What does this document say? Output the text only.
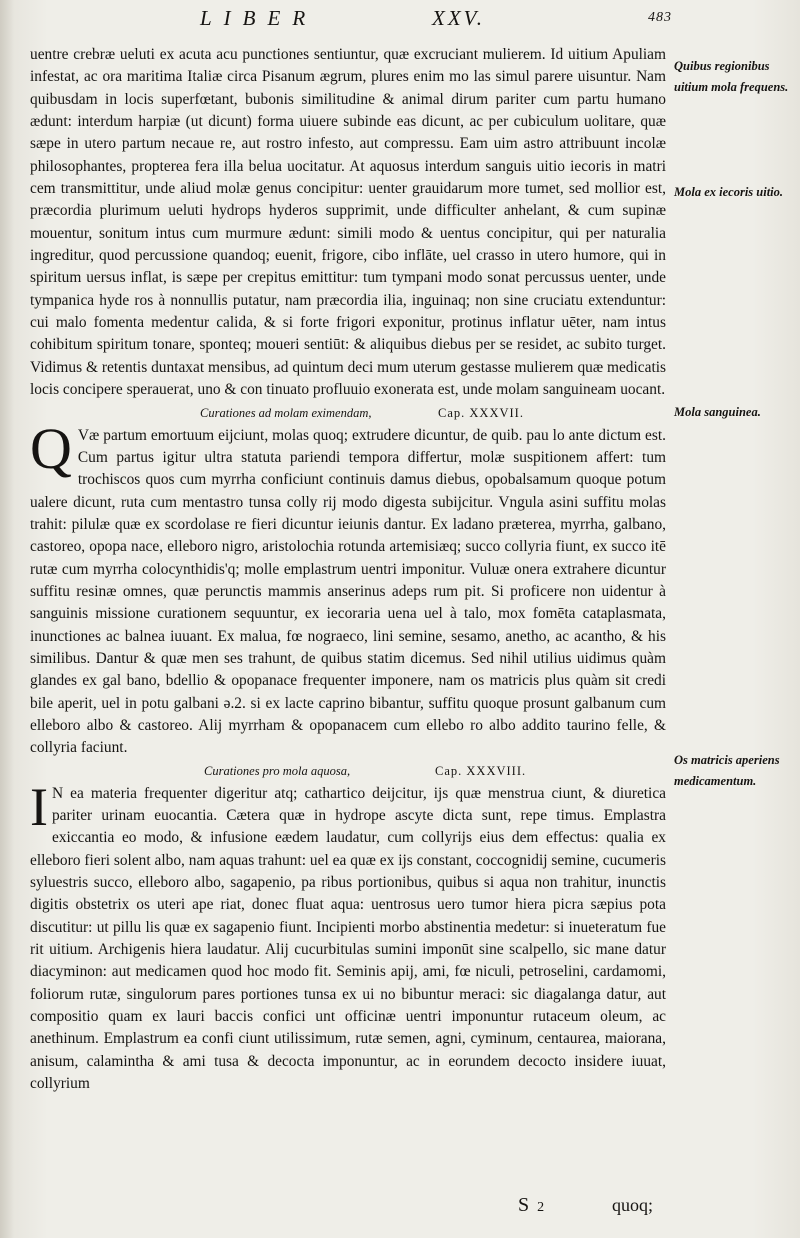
LIBER	XXV.	483

uentre crebræ ueluti ex acuta acu punctiones sentiuntur, quæ excruciant mulierem. Id uitium Apuliam infestat, ac ora maritima Italiæ circa Pisanum ægrum, plures enim mo las simul parere uisuntur. Nam quibusdam in locis superfœtant, bubonis similitudine & animal dirum pariter cum partu humano ædunt: interdum harpiæ (ut dicunt) forma uiuere subinde eas dicunt, ac per cubiculum uolitare, quæ sæpe in utero partum necaue re, aut rostro infesto, aut compressu. Eam uim astro attribuunt incolæ philosophantes, propterea fera illa belua uocitatur. At aquosus interdum sanguis uitio iecoris in matri cem transmittitur, unde aliud molæ genus concipitur: uenter grauidarum more tumet, sed mollior est, præcordia plurimum ueluti hydrops hyderos supprimit, unde difficulter anhelant, & cum supinæ mouentur, sonitum intus cum murmure ædunt: simili modo & uentus concipitur, qui per naturalia ingreditur, quod percussione quandoq; euenit, frigore, cibo inflāte, uel crasso in utero humore, qui in spiritum uersus inflat, is sæpe per crepitus emittitur: tum tympani modo sonat percussus uenter, unde tympanica hyde ros à nonnullis putatur, nam præcordia ilia, inguinaq; non sine cruciatu extenduntur: cui malo fomenta medentur calida, & si forte frigori exponitur, protinus inflatur uēter, nam intus cohibitum spiritum tonare, sponteq; moueri sentiūt: & aliquibus diebus per se residet, ac subito turget. Vidimus & retentis duntaxat mensibus, ad quintum deci mum uterum gestasse mulierem quæ medicatis locis concipere sperauerat, uno & con tinuato profluuio exonerata est, unde molam sanguineam uocant.

Curationes ad molam eximendam,	Cap. XXXVII.

Q Væ partum emortuum eijciunt, molas quoq; extrudere dicuntur, de quib. pau lo ante dictum est. Cum partus igitur ultra statuta pariendi tempora differtur, molæ suspitionem affert: tum trochiscos quos cum myrrha conficiunt continuis damus diebus, opobalsamum quoque potum ualere dicunt, ruta cum mentastro tunsa colly rij modo digesta subijcitur. Vngula asini suffitu molas trahit: pilulæ quæ ex scordolase re fieri dicuntur ieiunis dantur. Ex ladano præterea, myrrha, galbano, castoreo, opopa nace, elleboro nigro, aristolochia rotunda artemisiæq; succo collyria fiunt, ex succo itē rutæ cum myrrha colocynthidis'q; molle emplastrum uentri imponitur. Vuluæ onera extrahere dicuntur suffitu resinæ omnes, quæ perunctis mammis anserinus adeps rum pit. Si proficere non uidentur à sanguinis missione curationem sequuntur, ex iecoraria uena uel à talo, mox fomēta cataplasmata, inunctiones ac balnea iuuant. Ex malua, fœ nograeco, lini semine, sesamo, anetho, ac acantho, & his similibus. Dantur & quæ men ses trahunt, de quibus statim dicemus. Sed nihil utilius uidimus quàm glandes ex gal bano, bdellio & opopanace frequenter imponere, nam os matricis plus quàm sit credi bile aperit, uel in potu galbani ə.2. si ex lacte caprino bibantur, suffitu quoque prosunt galbanum cum elleboro albo & castoreo. Alij myrrham & opopanacem cum ellebo ro albo addito taurino felle, & collyria faciunt.

Curationes pro mola aquosa,	Cap. XXXVIII.

I N ea materia frequenter digeritur atq; cathartico deijcitur, ijs quæ menstrua ciunt, & diuretica pariter urinam euocantia. Cætera quæ in hydrope ascyte dicta sunt, repe timus. Emplastra exiccantia eo modo, & infusione eædem laudatur, cum collyrijs eius dem effectus: qualia ex elleboro fieri solent albo, nam aquas trahunt: uel ea quæ ex ijs constant, coccognidij semine, cucumeris syluestris succo, elleboro albo, sagapenio, pa ribus portionibus, quibus si aqua non trahitur, inunctis digitis obstetrix os uteri ape riat, donec fluat aqua: uentrosus uero tumor hiera picra sæpius pota discutitur: ut pillu lis quæ ex sagapenio fiunt. Incipienti morbo abstinentia medetur: si inueteratum fue rit uitium. Archigenis hiera laudatur. Alij cucurbitulas sumini imponūt sine scalpello, sic mane datur diacyminon: aut medicamen quod hoc modo fit. Seminis apij, ami, fœ niculi, petroselini, cardamomi, foliorum rutæ, singulorum pares portiones tunsa ex ui no bibuntur meraci: sic diagalanga datur, aut compositio quam ex lauri baccis confici unt officinæ uentri imponuntur rutaceum oleum, ac anethinum. Emplastrum ea confi ciunt utilissimum, rutæ semen, agni, cyminum, centaurea, maiorana, anisum, calamintha & ami tusa & decocta imponuntur, ac in eorundem decocto insidere iuuat, collyrium

Quibus regionibus uitium mola frequens.
Mola ex iecoris uitio.
Mola sanguinea.
Os matricis aperiens medicamentum.
S 2	quoq;
